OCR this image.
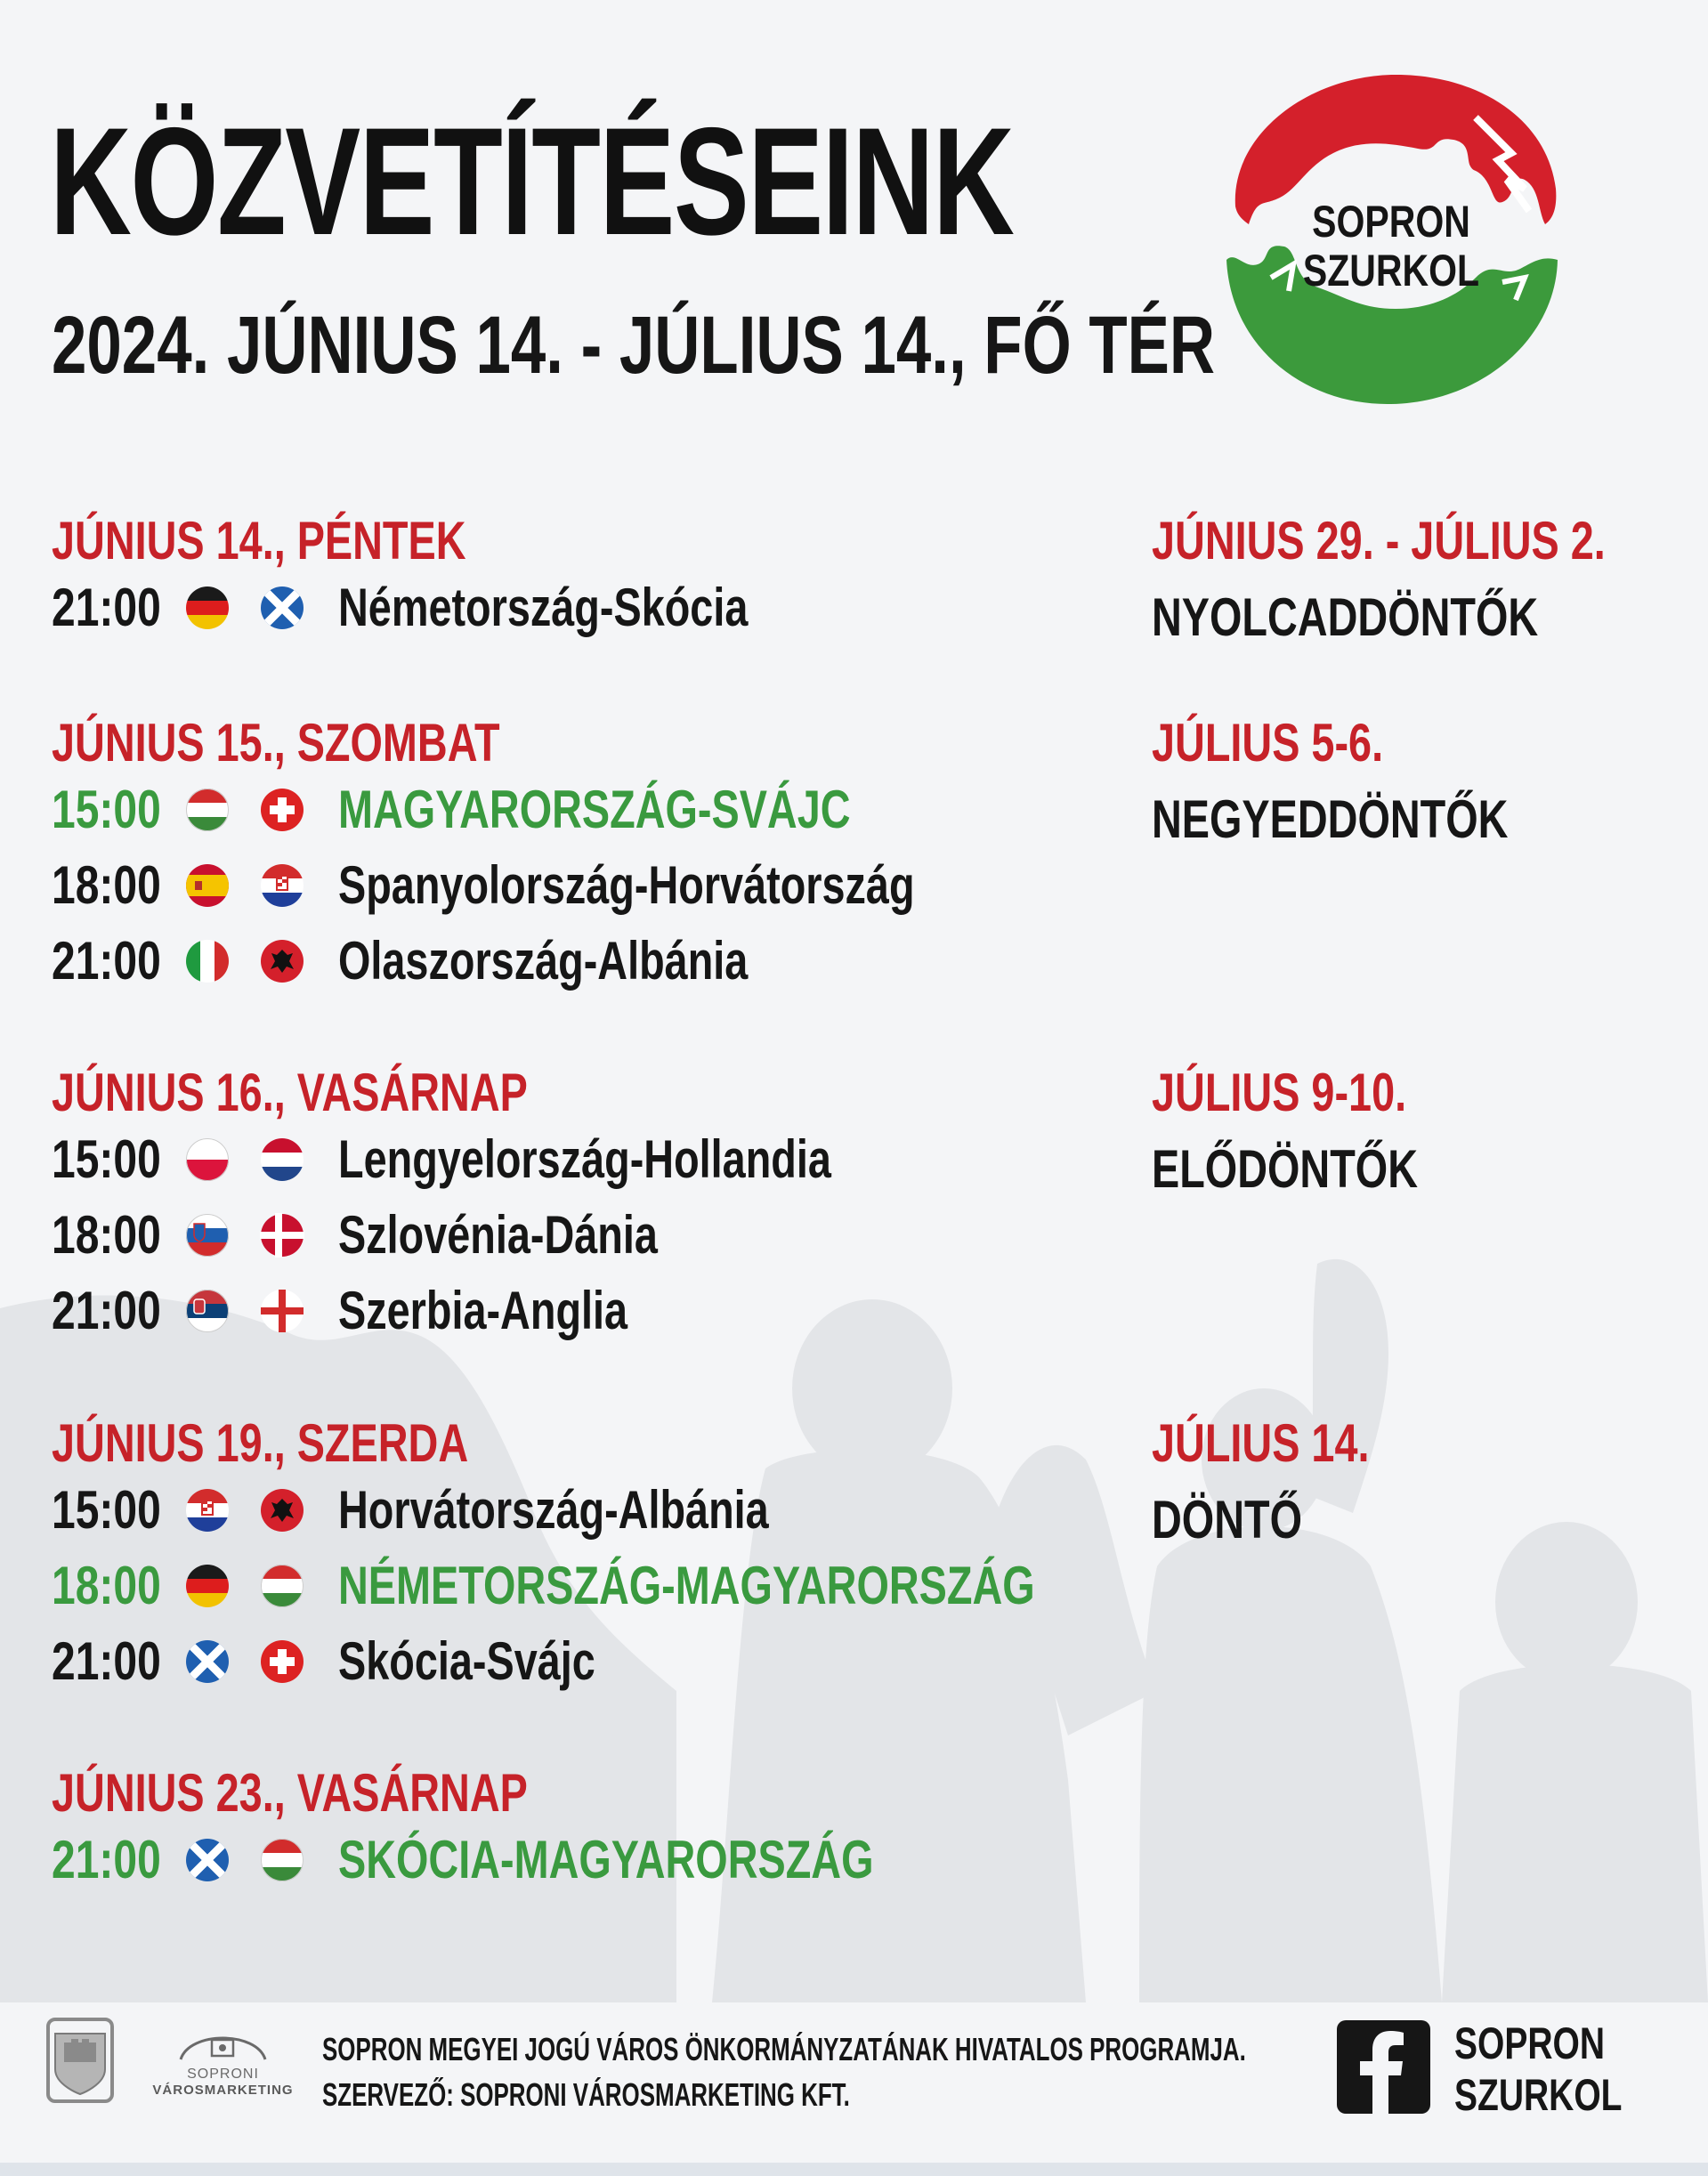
KÖZVETÍTÉSEINK
2024. JÚNIUS 14. - JÚLIUS 14., FŐ TÉR
SOPRON
SZURKOL
JÚNIUS 14., PÉNTEK
21:00	Németország-Skócia
JÚNIUS 15., SZOMBAT
15:00	MAGYARORSZÁG-SVÁJC
18:00	Spanyolország-Horvátország
21:00	Olaszország-Albánia
JÚNIUS 16., VASÁRNAP
15:00	Lengyelország-Hollandia
18:00	Szlovénia-Dánia
21:00	Szerbia-Anglia
JÚNIUS 19., SZERDA
15:00	Horvátország-Albánia
18:00	NÉMETORSZÁG-MAGYARORSZÁG
21:00	Skócia-Svájc
JÚNIUS 23., VASÁRNAP
21:00	SKÓCIA-MAGYARORSZÁG
JÚNIUS 29. - JÚLIUS 2.
NYOLCADDÖNTŐK
JÚLIUS 5-6.
NEGYEDDÖNTŐK
JÚLIUS 9-10.
ELŐDÖNTŐK
JÚLIUS 14.
DÖNTŐ
SOPRONI
VÁROSMARKETING
SOPRON MEGYEI JOGÚ VÁROS ÖNKORMÁNYZATÁNAK HIVATALOS PROGRAMJA.
SZERVEZŐ: SOPRONI VÁROSMARKETING KFT.
SOPRON
SZURKOL
